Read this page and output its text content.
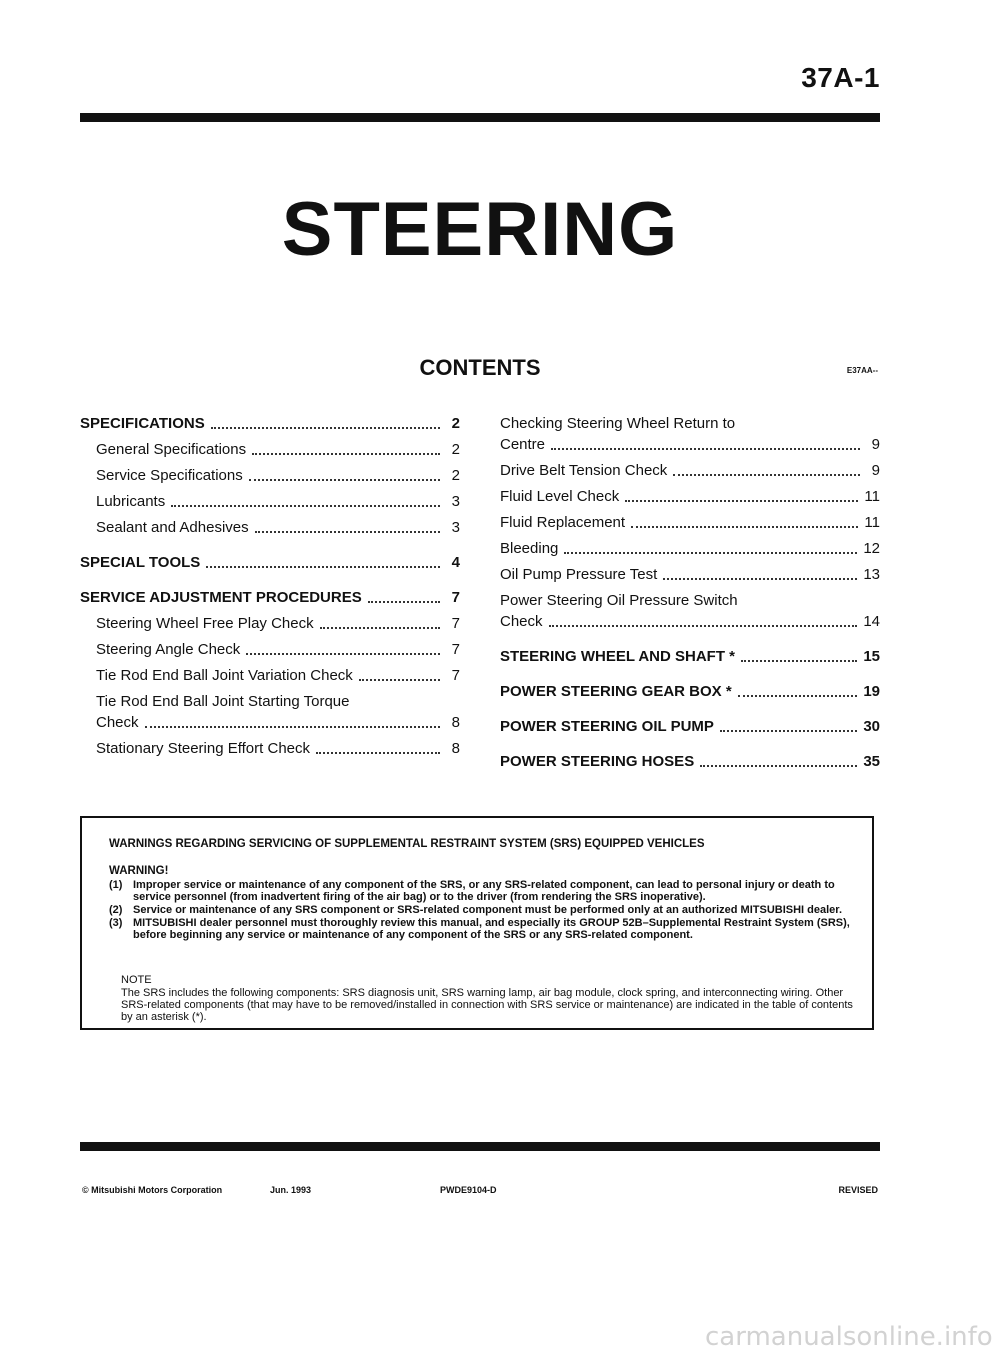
37A-1
STEERING
CONTENTS	E37AA--
SPECIFICATIONS	2
General Specifications	2
Service Specifications	2
Lubricants	3
Sealant and Adhesives	3
SPECIAL TOOLS	4
SERVICE ADJUSTMENT PROCEDURES	7
Steering Wheel Free Play Check	7
Steering Angle Check	7
Tie Rod End Ball Joint Variation Check	7
Tie Rod End Ball Joint Starting Torque
Check	8
Stationary Steering Effort Check	8
Checking Steering Wheel Return to
Centre	9
Drive Belt Tension Check	9
Fluid Level Check	11
Fluid Replacement	11
Bleeding	12
Oil Pump Pressure Test	13
Power Steering Oil Pressure Switch
Check	14
STEERING WHEEL AND SHAFT *	15
POWER STEERING GEAR BOX *	19
POWER STEERING OIL PUMP	30
POWER STEERING HOSES	35
WARNINGS REGARDING SERVICING OF SUPPLEMENTAL RESTRAINT SYSTEM (SRS) EQUIPPED VEHICLES
WARNING!
(1) Improper service or maintenance of any component of the SRS, or any SRS-related component, can lead to personal injury or death to service personnel (from inadvertent firing of the air bag) or to the driver (from rendering the SRS inoperative).
(2) Service or maintenance of any SRS component or SRS-related component must be performed only at an authorized MITSUBISHI dealer.
(3) MITSUBISHI dealer personnel must thoroughly review this manual, and especially its GROUP 52B–Supplemental Restraint System (SRS), before beginning any service or maintenance of any component of the SRS or any SRS-related component.
NOTE
The SRS includes the following components: SRS diagnosis unit, SRS warning lamp, air bag module, clock spring, and interconnecting wiring. Other SRS-related components (that may have to be removed/installed in connection with SRS service or maintenance) are indicated in the table of contents by an asterisk (*).
© Mitsubishi Motors Corporation	Jun. 1993	PWDE9104-D	REVISED
carmanualsonline.info
